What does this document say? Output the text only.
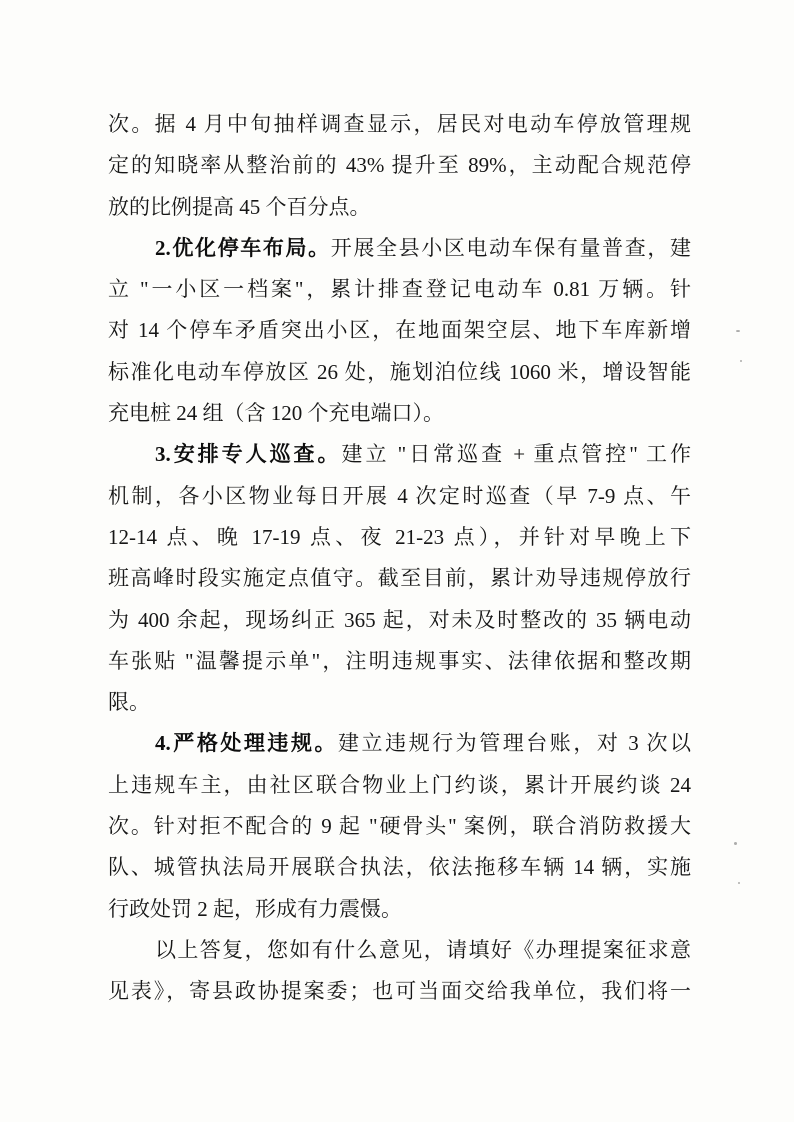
次。据 4 月中旬抽样调查显示，居民对电动车停放管理规
定的知晓率从整治前的 43% 提升至 89%，主动配合规范停
放的比例提高 45 个百分点。
2.优化停车布局。开展全县小区电动车保有量普查，建
立 "一小区一档案"，累计排查登记电动车 0.81 万辆。针
对 14 个停车矛盾突出小区，在地面架空层、地下车库新增
标准化电动车停放区 26 处，施划泊位线 1060 米，增设智能
充电桩 24 组（含 120 个充电端口）。
3.安排专人巡查。建立 "日常巡查 + 重点管控" 工作
机制，各小区物业每日开展 4 次定时巡查（早 7-9 点、午
12-14 点、晚 17-19 点、夜 21-23 点），并针对早晚上下
班高峰时段实施定点值守。截至目前，累计劝导违规停放行
为 400 余起，现场纠正 365 起，对未及时整改的 35 辆电动
车张贴 "温馨提示单"，注明违规事实、法律依据和整改期
限。
4.严格处理违规。建立违规行为管理台账，对 3 次以
上违规车主，由社区联合物业上门约谈，累计开展约谈 24
次。针对拒不配合的 9 起 "硬骨头" 案例，联合消防救援大
队、城管执法局开展联合执法，依法拖移车辆 14 辆，实施
行政处罚 2 起，形成有力震慑。
以上答复，您如有什么意见，请填好《办理提案征求意
见表》，寄县政协提案委；也可当面交给我单位，我们将一
